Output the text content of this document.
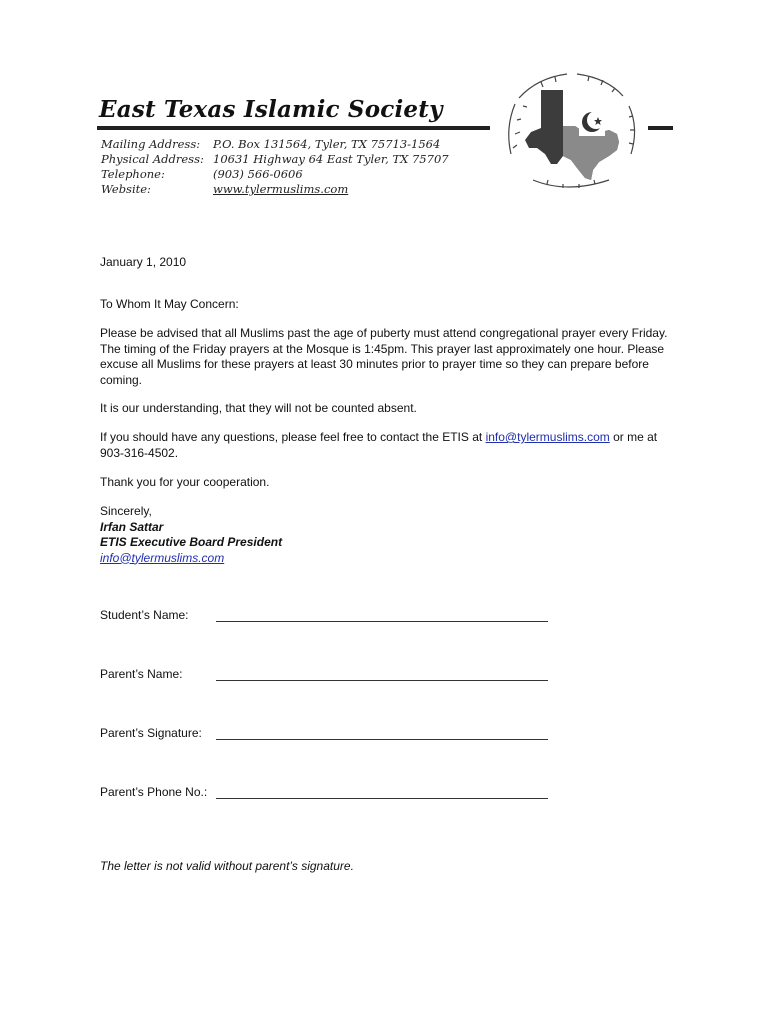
East Texas Islamic Society
Mailing Address:	P.O. Box 131564, Tyler, TX 75713-1564
Physical Address: 10631 Highway 64 East Tyler, TX 75707
Telephone:	(903) 566-0606
Website:	www.tylermuslims.com
January 1, 2010
To Whom It May Concern:

Please be advised that all Muslims past the age of puberty must attend congregational prayer every Friday. The timing of the Friday prayers at the Mosque is 1:45pm. This prayer last approximately one hour. Please excuse all Muslims for these prayers at least 30 minutes prior to prayer time so they can prepare before coming.

It is our understanding, that they will not be counted absent.
If you should have any questions, please feel free to contact the ETIS at info@tylermuslims.com or me at 903-316-4502.
Thank you for your cooperation.
Sincerely,
Irfan Sattar
ETIS Executive Board President
info@tylermuslims.com
Student’s Name:
Parent’s Name:
Parent’s Signature:
Parent’s Phone No.:
The letter is not valid without parent’s signature.
